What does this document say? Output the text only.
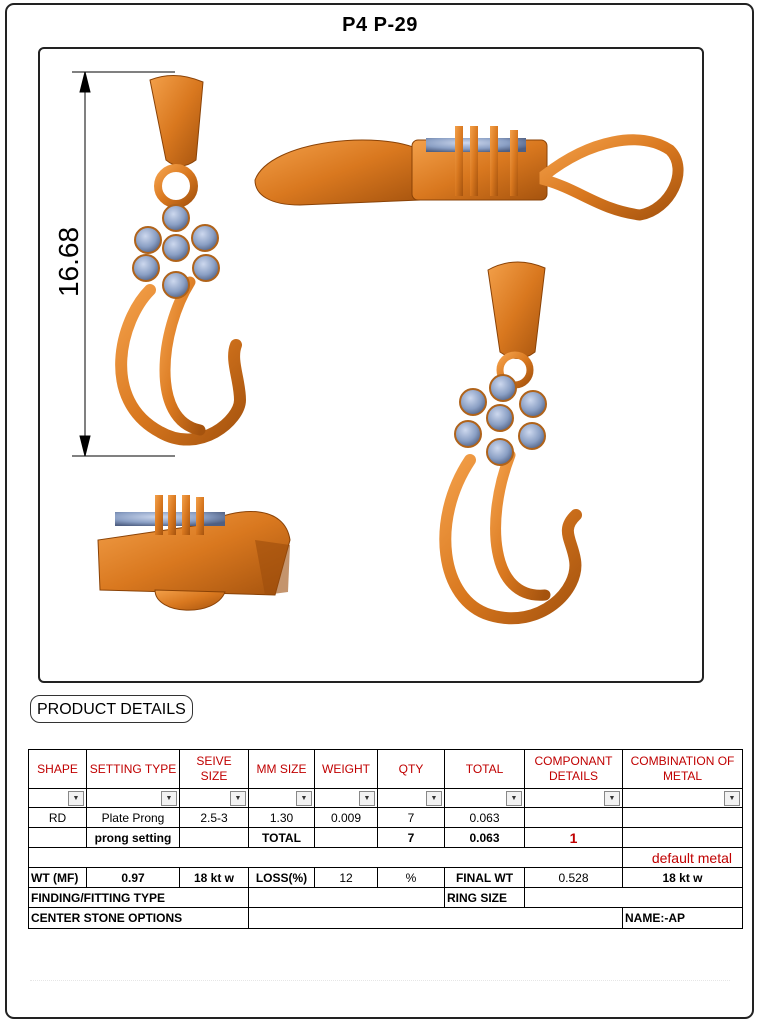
P4 P-29
16.68
PRODUCT DETAILS
SHAPE	SETTING TYPE	SEIVE SIZE	MM SIZE	WEIGHT	QTY	TOTAL	COMPONANT DETAILS	COMBINATION OF METAL

▼	▼	▼	▼	▼	▼	▼	▼	▼

RD	Plate Prong	2.5-3	1.30	0.009	7	0.063		
	prong setting		TOTAL		7	0.063	1	
								default metal
WT (MF)	0.97	18 kt w	LOSS(%)	12	%	FINAL WT	0.528	18 kt w
FINDING/FITTING TYPE						RING SIZE		
CENTER STONE OPTIONS								NAME:-AP
